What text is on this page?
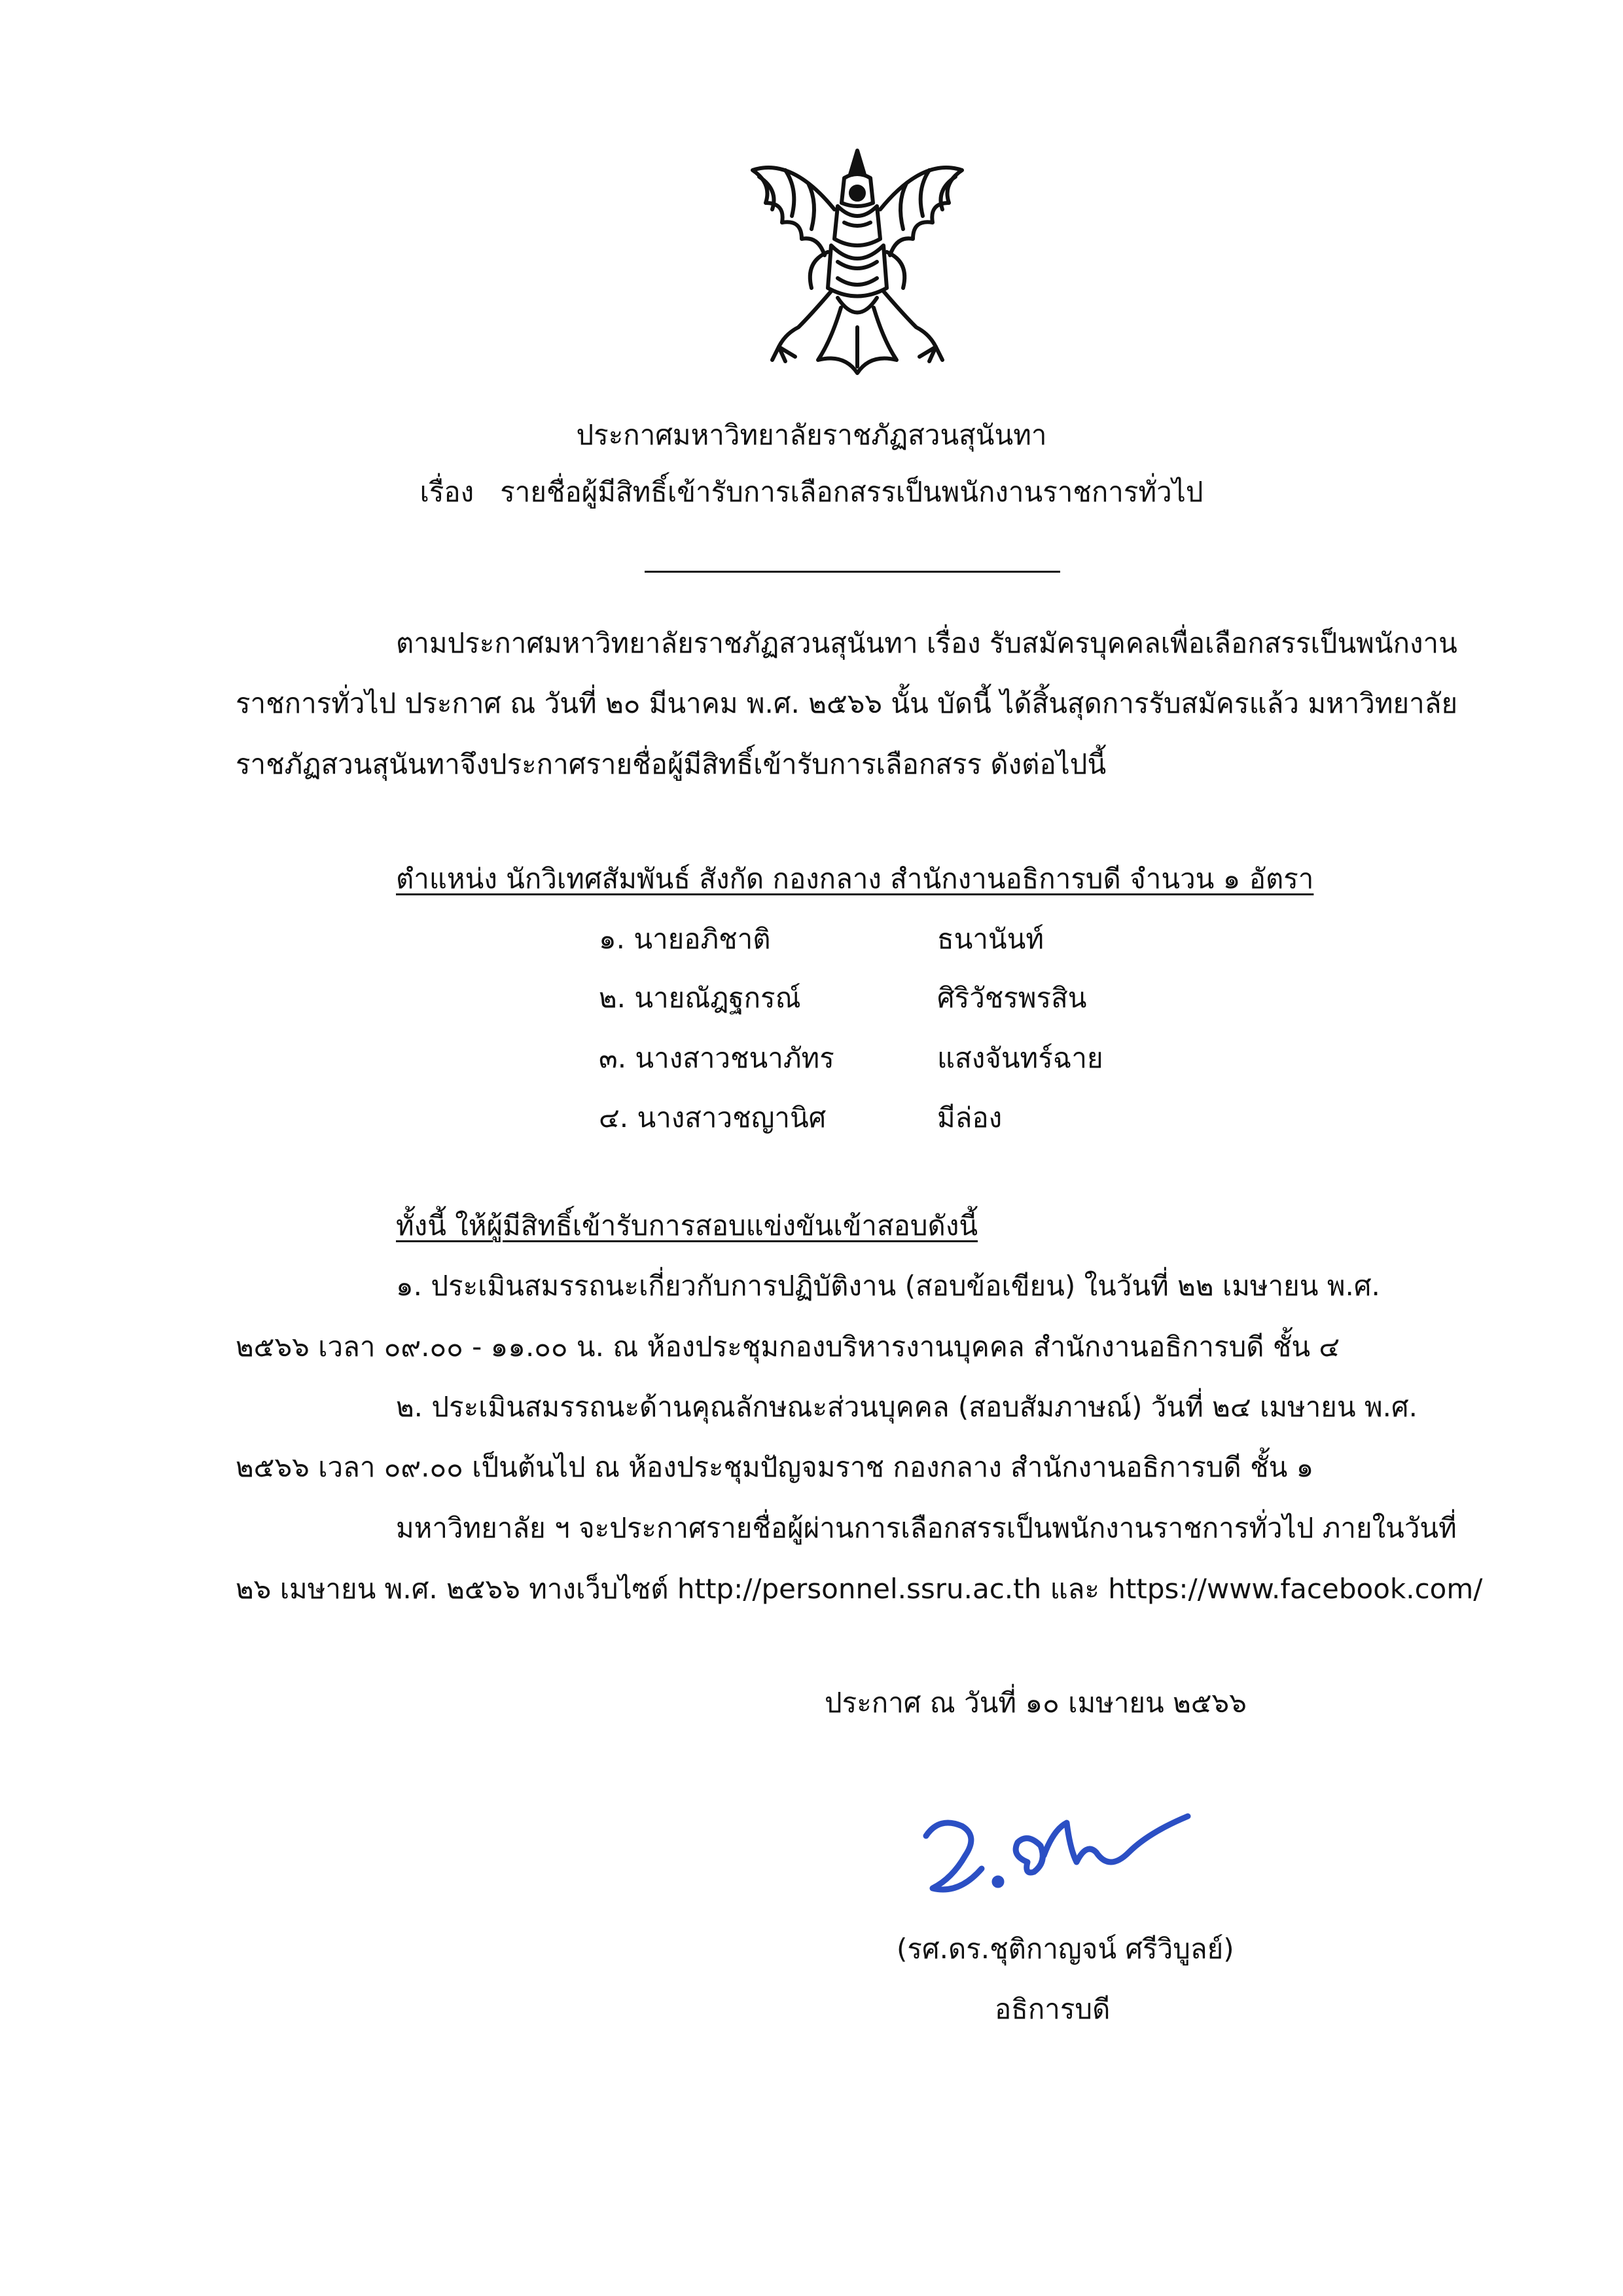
ประกาศมหาวิทยาลัยราชภัฏสวนสุนันทา
เรื่อง รายชื่อผู้มีสิทธิ์เข้ารับการเลือกสรรเป็นพนักงานราชการทั่วไป
ตามประกาศมหาวิทยาลัยราชภัฏสวนสุนันทา เรื่อง รับสมัครบุคคลเพื่อเลือกสรรเป็นพนักงาน
ราชการทั่วไป ประกาศ ณ วันที่ ๒๐ มีนาคม พ.ศ. ๒๕๖๖ นั้น บัดนี้ ได้สิ้นสุดการรับสมัครแล้ว มหาวิทยาลัย
ราชภัฏสวนสุนันทาจึงประกาศรายชื่อผู้มีสิทธิ์เข้ารับการเลือกสรร ดังต่อไปนี้
ตำแหน่ง นักวิเทศสัมพันธ์ สังกัด กองกลาง สำนักงานอธิการบดี จำนวน ๑ อัตรา
๑. นายอภิชาติ	ธนานันท์
๒. นายณัฎฐกรณ์	ศิริวัชรพรสิน
๓. นางสาวชนาภัทร	แสงจันทร์ฉาย
๔. นางสาวชญานิศ	มีล่อง
ทั้งนี้ ให้ผู้มีสิทธิ์เข้ารับการสอบแข่งขันเข้าสอบดังนี้
๑. ประเมินสมรรถนะเกี่ยวกับการปฏิบัติงาน (สอบข้อเขียน) ในวันที่ ๒๒ เมษายน พ.ศ.
๒๕๖๖ เวลา ๐๙.๐๐ - ๑๑.๐๐ น. ณ ห้องประชุมกองบริหารงานบุคคล สำนักงานอธิการบดี ชั้น ๔
๒. ประเมินสมรรถนะด้านคุณลักษณะส่วนบุคคล (สอบสัมภาษณ์) วันที่ ๒๔ เมษายน พ.ศ.
๒๕๖๖ เวลา ๐๙.๐๐ เป็นต้นไป ณ ห้องประชุมปัญจมราช กองกลาง สำนักงานอธิการบดี ชั้น ๑
มหาวิทยาลัย ฯ จะประกาศรายชื่อผู้ผ่านการเลือกสรรเป็นพนักงานราชการทั่วไป ภายในวันที่
๒๖ เมษายน พ.ศ. ๒๕๖๖ ทางเว็บไซต์ http://personnel.ssru.ac.th และ https://www.facebook.com/
ประกาศ ณ วันที่ ๑๐ เมษายน ๒๕๖๖
(รศ.ดร.ชุติกาญจน์ ศรีวิบูลย์)
อธิการบดี
